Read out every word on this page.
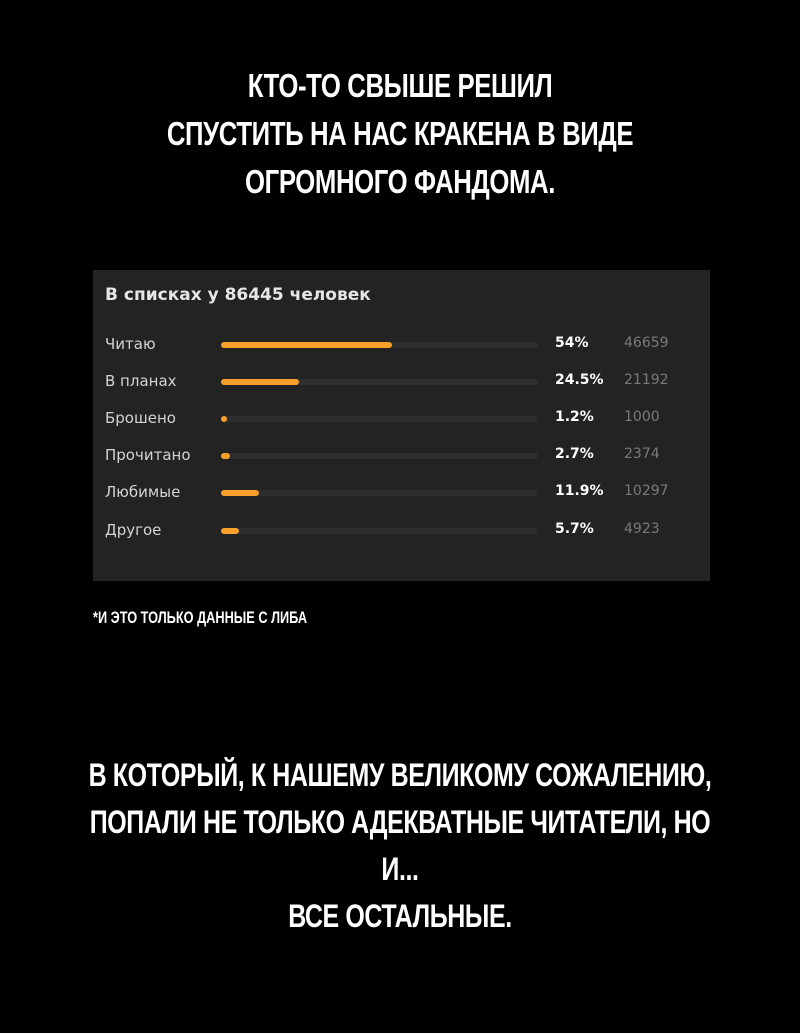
КТО-ТО СВЫШЕ РЕШИЛ
СПУСТИТЬ НА НАС КРАКЕНА В ВИДЕ
ОГРОМНОГО ФАНДОМА.
В списках у 86445 человек
Читаю	54%	46659
В планах	24.5% 21192
Брошено	1.2% 1000
Прочитано	2.7% 2374
Любимые	11.9% 10297
Другое	5.7% 4923
*И ЭТО ТОЛЬКО ДАННЫЕ С ЛИБА
В КОТОРЫЙ, К НАШЕМУ ВЕЛИКОМУ СОЖАЛЕНИЮ,
ПОПАЛИ НЕ ТОЛЬКО АДЕКВАТНЫЕ ЧИТАТЕЛИ, НО И...
ВСЕ ОСТАЛЬНЫЕ.
